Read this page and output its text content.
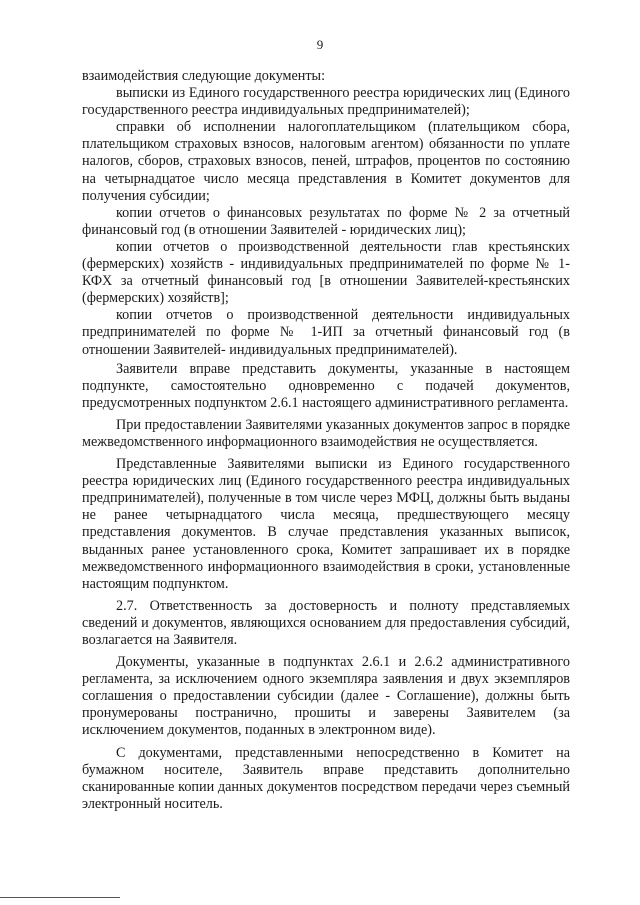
9

взаимодействия следующие документы:

выписки из Единого государственного реестра юридических лиц (Единого государственного реестра индивидуальных предпринимателей);

справки об исполнении налогоплательщиком (плательщиком сбора, плательщиком страховых взносов, налоговым агентом) обязанности по уплате налогов, сборов, страховых взносов, пеней, штрафов, процентов по состоянию на четырнадцатое число месяца представления в Комитет документов для получения субсидии;

копии отчетов о финансовых результатах по форме № 2 за отчетный финансовый год (в отношении Заявителей - юридических лиц);

копии отчетов о производственной деятельности глав крестьянских (фермерских) хозяйств - индивидуальных предпринимателей по форме № 1-КФХ за отчетный финансовый год [в отношении Заявителей-крестьянских (фермерских) хозяйств];

копии отчетов о производственной деятельности индивидуальных предпринимателей по форме № 1-ИП за отчетный финансовый год (в отношении Заявителей- индивидуальных предпринимателей).

Заявители вправе представить документы, указанные в настоящем подпункте, самостоятельно одновременно с подачей документов, предусмотренных подпунктом 2.6.1 настоящего административного регламента.

При предоставлении Заявителями указанных документов запрос в порядке межведомственного информационного взаимодействия не осуществляется.

Представленные Заявителями выписки из Единого государственного реестра юридических лиц (Единого государственного реестра индивидуальных предпринимателей), полученные в том числе через МФЦ, должны быть выданы не ранее четырнадцатого числа месяца, предшествующего месяцу представления документов. В случае представления указанных выписок, выданных ранее установленного срока, Комитет запрашивает их в порядке межведомственного информационного взаимодействия в сроки, установленные настоящим подпунктом.

2.7. Ответственность за достоверность и полноту представляемых сведений и документов, являющихся основанием для предоставления субсидий, возлагается на Заявителя.

Документы, указанные в подпунктах 2.6.1 и 2.6.2 административного регламента, за исключением одного экземпляра заявления и двух экземпляров соглашения о предоставлении субсидии (далее - Соглашение), должны быть пронумерованы постранично, прошиты и заверены Заявителем (за исключением документов, поданных в электронном виде).

С документами, представленными непосредственно в Комитет на бумажном носителе, Заявитель вправе представить дополнительно сканированные копии данных документов посредством передачи через съемный электронный носитель.
